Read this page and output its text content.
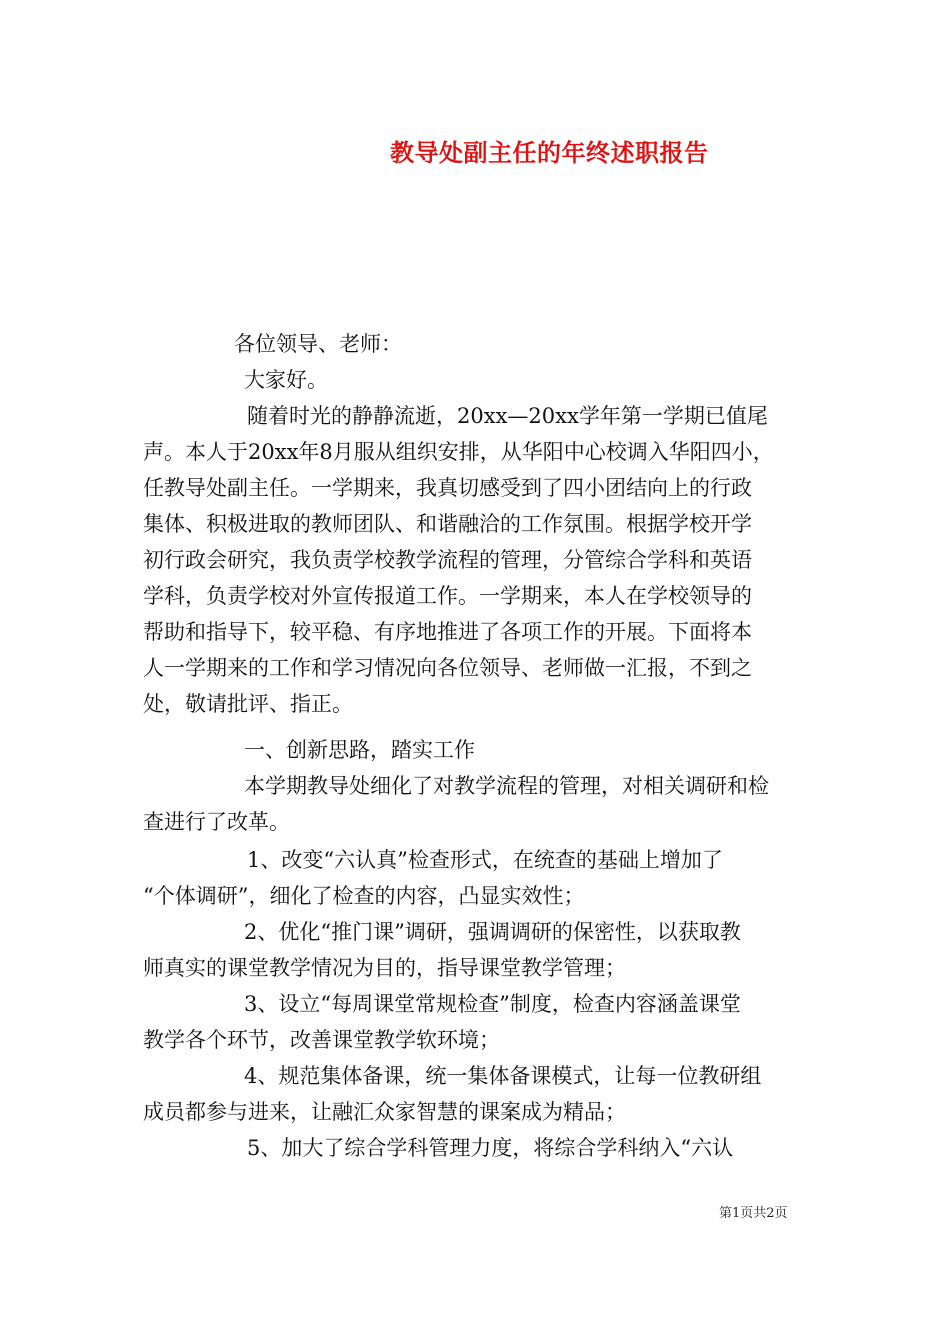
教导处副主任的年终述职报告
各位领导、老师：
大家好。
随着时光的静静流逝，20xx—20xx学年第一学期已值尾
声。本人于20xx年8月服从组织安排，从华阳中心校调入华阳四小，
任教导处副主任。一学期来，我真切感受到了四小团结向上的行政
集体、积极进取的教师团队、和谐融洽的工作氛围。根据学校开学
初行政会研究，我负责学校教学流程的管理，分管综合学科和英语
学科，负责学校对外宣传报道工作。一学期来，本人在学校领导的
帮助和指导下，较平稳、有序地推进了各项工作的开展。下面将本
人一学期来的工作和学习情况向各位领导、老师做一汇报，不到之
处，敬请批评、指正。
一、创新思路，踏实工作
本学期教导处细化了对教学流程的管理，对相关调研和检
查进行了改革。
1、改变“六认真”检查形式，在统查的基础上增加了
“个体调研”，细化了检查的内容，凸显实效性；
2、优化“推门课”调研，强调调研的保密性，以获取教
师真实的课堂教学情况为目的，指导课堂教学管理；
3、设立“每周课堂常规检查”制度，检查内容涵盖课堂
教学各个环节，改善课堂教学软环境；
4、规范集体备课，统一集体备课模式，让每一位教研组
成员都参与进来，让融汇众家智慧的课案成为精品；
5、加大了综合学科管理力度，将综合学科纳入“六认
第1页共2页
